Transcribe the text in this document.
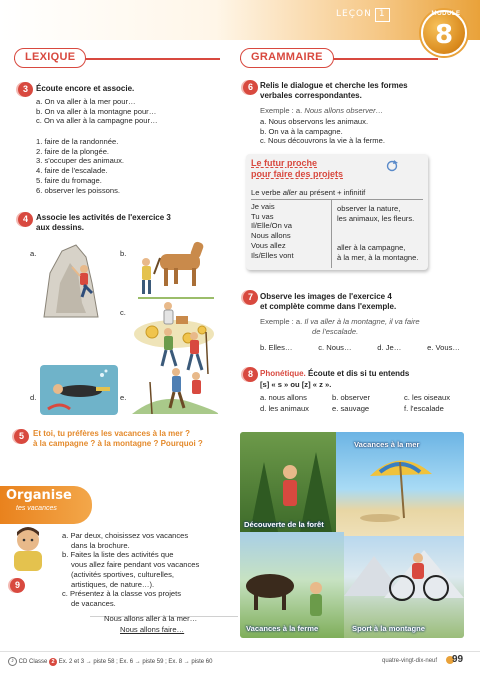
LEÇON 1	MODULE
8
LEXIQUE
3	Écoute encore et associe.
a. On va aller à la mer pour…
b. On va aller à la montagne pour…
c. On va aller à la campagne pour…
1. faire de la randonnée.
2. faire de la plongée.
3. s'occuper des animaux.
4. faire de l'escalade.
5. faire du fromage.
6. observer les poissons.
4	Associe les activités de l'exercice 3
aux dessins.
a.	b.
c.
d.	e.
GRAMMAIRE
6 Relis le dialogue et cherche les formes
verbales correspondantes.
Exemple : a. Nous allons observer…
a. Nous observons les animaux.
b. On va à la campagne.
c. Nous découvrons la vie à la ferme.
Le futur proche
pour faire des projets
Le verbe aller au présent + infinitif
Je vais
Tu vas
Il/Elle/On va
Nous allons
Vous allez
Ils/Elles vont
observer la nature,
les animaux, les fleurs.
aller à la campagne,
à la mer, à la montagne.
7 Observe les images de l'exercice 4
et complète comme dans l'exemple.
Exemple : a. Il va aller à la montagne, il va faire
de l'escalade.
b. Elles…	c. Nous…	d. Je…	e. Vous…
8 Phonétique. Écoute et dis si tu entends
[s] « s » ou [z] « z ».
a. nous allons	b. observer	c. les oiseaux
d. les animaux	e. sauvage	f. l'escalade
5	Et toi, tu préfères les vacances à la mer ?
à la campagne ? à la montagne ? Pourquoi ?
Organise
tes vacances
9
a. Par deux, choisissez vos vacances
dans la brochure.
b. Faites la liste des activités que
vous allez faire pendant vos vacances
(activités sportives, culturelles,
artistiques, de nature…).
c. Présentez à la classe vos projets
de vacances.
Nous allons aller à la mer…
Nous allons faire…
Découverte de la forêt
Vacances à la mer
Vacances à la ferme	Sport à la montagne
♪ CD Classe 2 Ex. 2 et 3 → piste 58 ; Ex. 6 → piste 59 ; Ex. 8 → piste 60	quatre-vingt-dix-neuf 99
